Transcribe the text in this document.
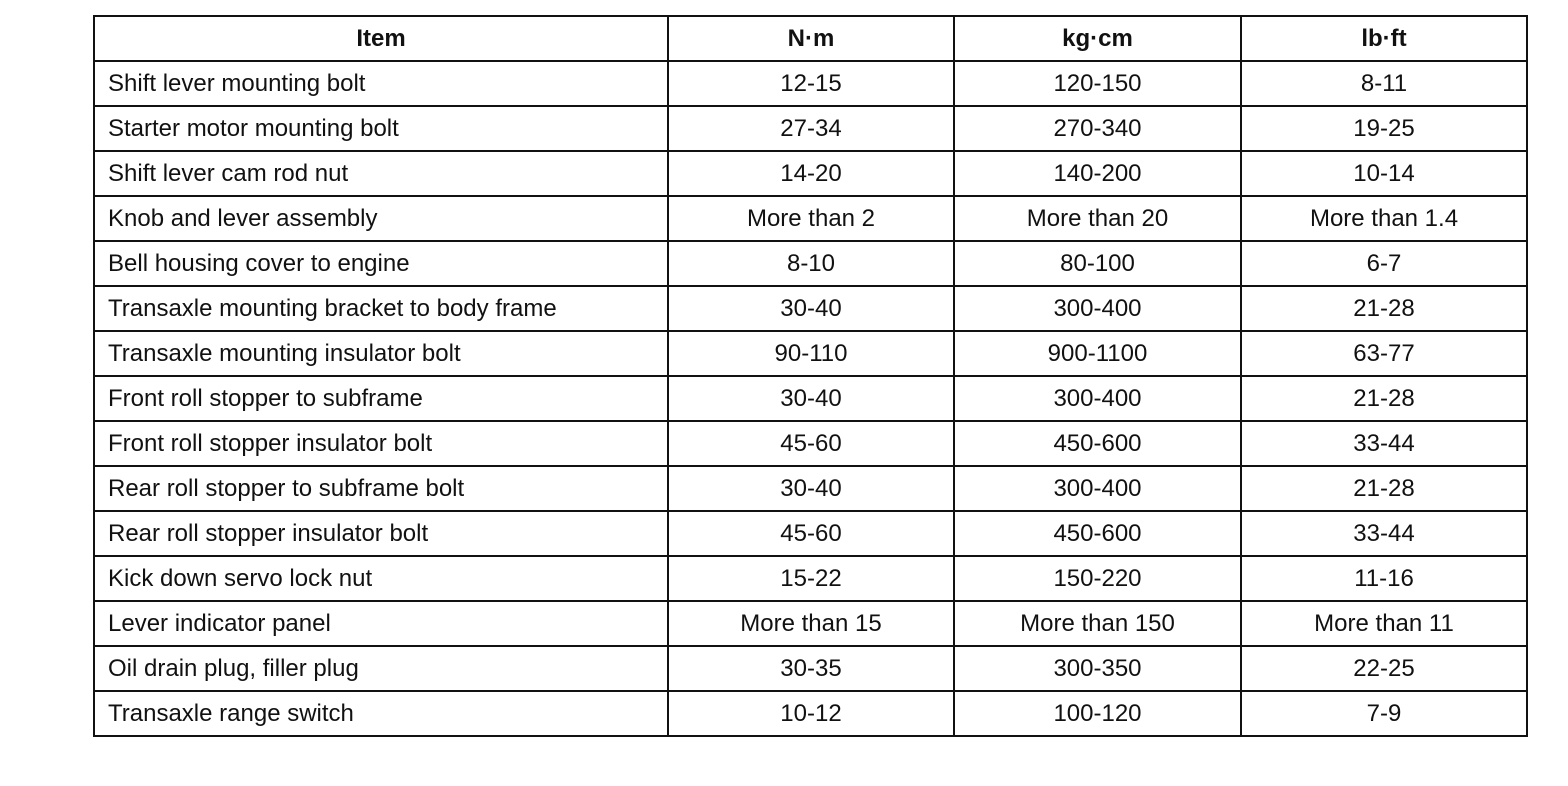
Item	N·m	kg·cm	lb·ft
Shift lever mounting bolt	12-15	120-150	8-11
Starter motor mounting bolt	27-34	270-340	19-25
Shift lever cam rod nut	14-20	140-200	10-14
Knob and lever assembly	More than 2	More than 20	More than 1.4
Bell housing cover to engine	8-10	80-100	6-7
Transaxle mounting bracket to body frame	30-40	300-400	21-28
Transaxle mounting insulator bolt	90-110	900-1100	63-77
Front roll stopper to subframe	30-40	300-400	21-28
Front roll stopper insulator bolt	45-60	450-600	33-44
Rear roll stopper to subframe bolt	30-40	300-400	21-28
Rear roll stopper insulator bolt	45-60	450-600	33-44
Kick down servo lock nut	15-22	150-220	11-16
Lever indicator panel	More than 15	More than 150	More than 11
Oil drain plug, filler plug	30-35	300-350	22-25
Transaxle range switch	10-12	100-120	7-9
